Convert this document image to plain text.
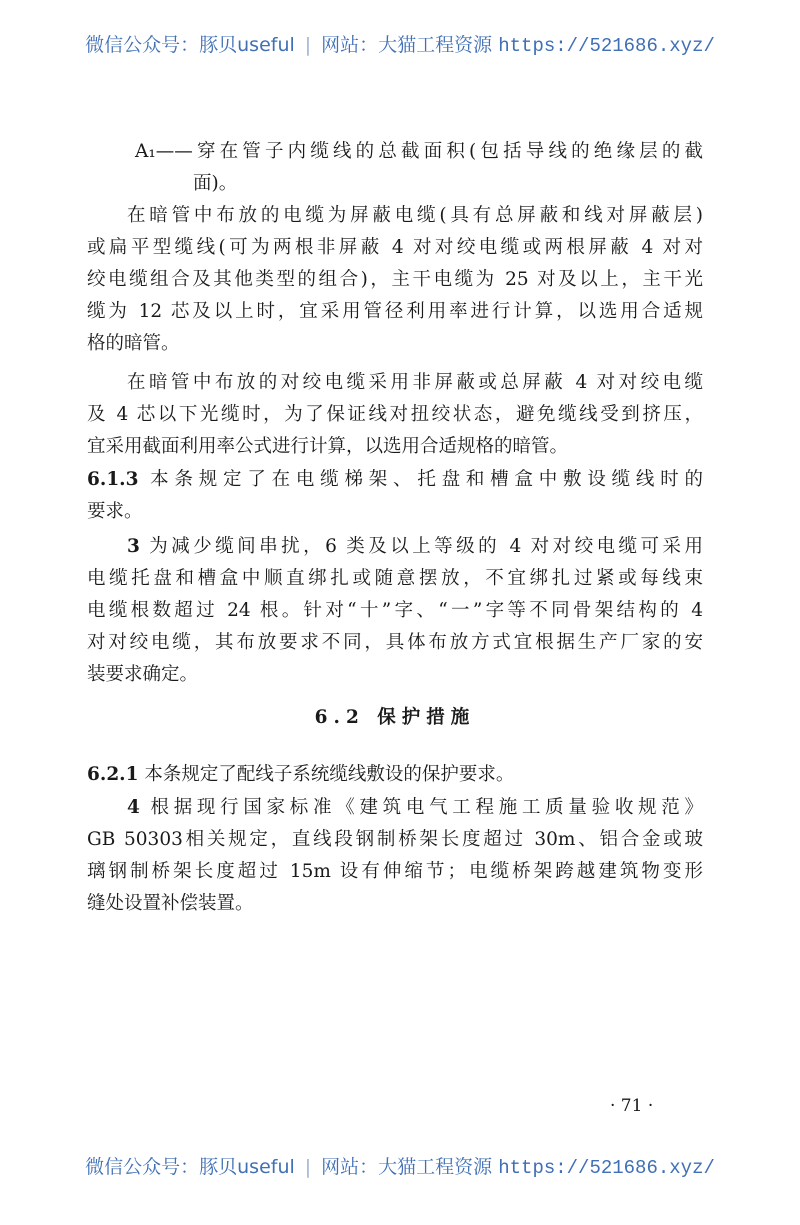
微信公众号：豚贝useful | 网站：大猫工程资源 https://521686.xyz/
A₁——穿在管子内缆线的总截面积(包括导线的绝缘层的截
面)。
在暗管中布放的电缆为屏蔽电缆(具有总屏蔽和线对屏蔽层)
或扁平型缆线(可为两根非屏蔽 4 对对绞电缆或两根屏蔽 4 对对
绞电缆组合及其他类型的组合)，主干电缆为 25 对及以上，主干光
缆为 12 芯及以上时，宜采用管径利用率进行计算，以选用合适规
格的暗管。
在暗管中布放的对绞电缆采用非屏蔽或总屏蔽 4 对对绞电缆
及 4 芯以下光缆时，为了保证线对扭绞状态，避免缆线受到挤压，
宜采用截面利用率公式进行计算，以选用合适规格的暗管。
6.1.3 本条规定了在电缆梯架、托盘和槽盒中敷设缆线时的
要求。
3 为减少缆间串扰，6 类及以上等级的 4 对对绞电缆可采用
电缆托盘和槽盒中顺直绑扎或随意摆放，不宜绑扎过紧或每线束
电缆根数超过 24 根。针对“十”字、“一”字等不同骨架结构的 4
对对绞电缆，其布放要求不同，具体布放方式宜根据生产厂家的安
装要求确定。
6.2 保护措施
6.2.1 本条规定了配线子系统缆线敷设的保护要求。
4 根据现行国家标准《建筑电气工程施工质量验收规范》
GB 50303相关规定，直线段钢制桥架长度超过 30m、铝合金或玻
璃钢制桥架长度超过 15m 设有伸缩节；电缆桥架跨越建筑物变形
缝处设置补偿装置。
· 71 ·
微信公众号：豚贝useful | 网站：大猫工程资源 https://521686.xyz/
